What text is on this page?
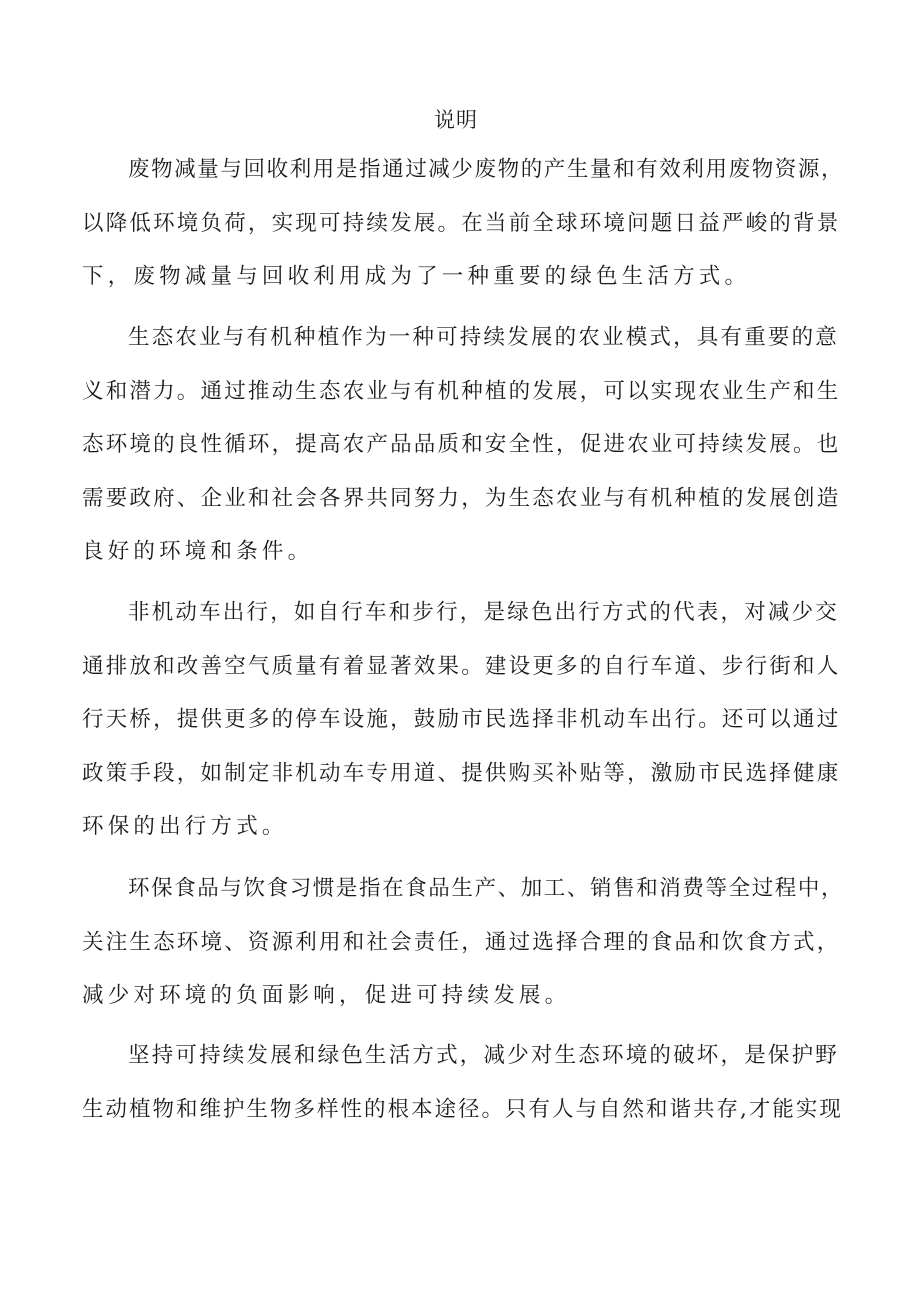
说明
废物减量与回收利用是指通过减少废物的产生量和有效利用废物资源，
以降低环境负荷，实现可持续发展。在当前全球环境问题日益严峻的背景
下，废物减量与回收利用成为了一种重要的绿色生活方式。
生态农业与有机种植作为一种可持续发展的农业模式，具有重要的意
义和潜力。通过推动生态农业与有机种植的发展，可以实现农业生产和生
态环境的良性循环，提高农产品品质和安全性，促进农业可持续发展。也
需要政府、企业和社会各界共同努力，为生态农业与有机种植的发展创造
良好的环境和条件。
非机动车出行，如自行车和步行，是绿色出行方式的代表，对减少交
通排放和改善空气质量有着显著效果。建设更多的自行车道、步行街和人
行天桥，提供更多的停车设施，鼓励市民选择非机动车出行。还可以通过
政策手段，如制定非机动车专用道、提供购买补贴等，激励市民选择健康
环保的出行方式。
环保食品与饮食习惯是指在食品生产、加工、销售和消费等全过程中，
关注生态环境、资源利用和社会责任，通过选择合理的食品和饮食方式，
减少对环境的负面影响，促进可持续发展。
坚持可持续发展和绿色生活方式，减少对生态环境的破坏，是保护野
生动植物和维护生物多样性的根本途径。只有人与自然和谐共存,才能实现
